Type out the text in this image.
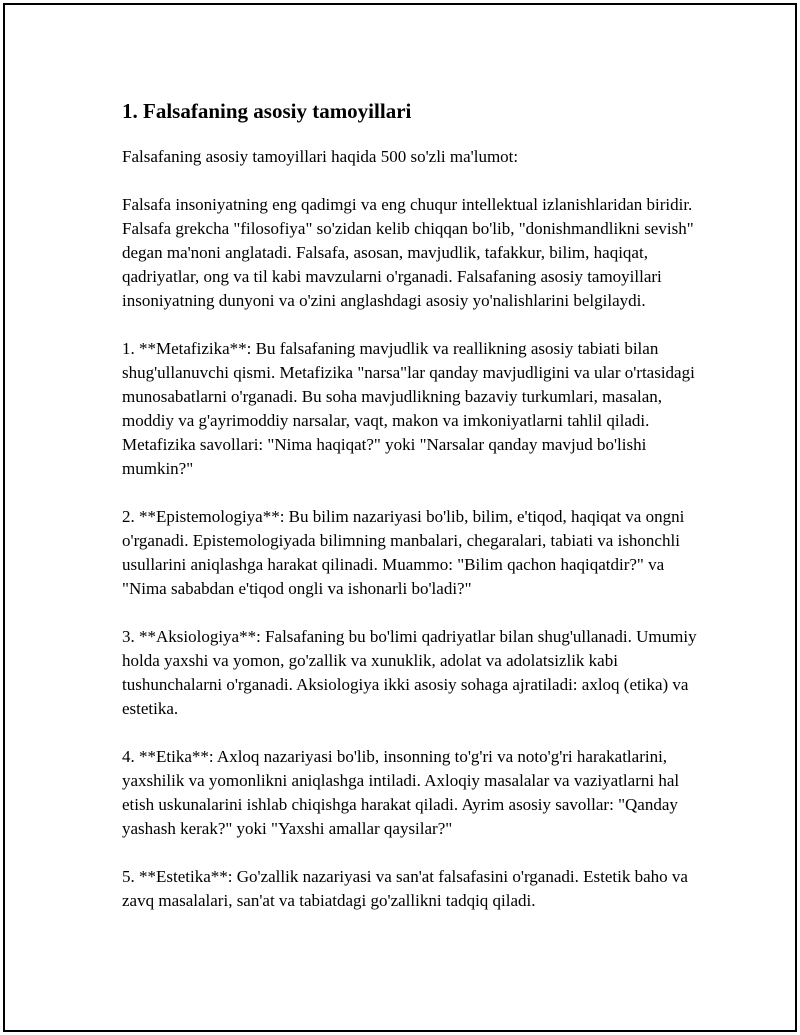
1. Falsafaning asosiy tamoyillari

Falsafaning asosiy tamoyillari haqida 500 so'zli ma'lumot:

Falsafa insoniyatning eng qadimgi va eng chuqur intellektual izlanishlaridan biridir. Falsafa grekcha "filosofiya" so'zidan kelib chiqqan bo'lib, "donishmandlikni sevish" degan ma'noni anglatadi. Falsafa, asosan, mavjudlik, tafakkur, bilim, haqiqat, qadriyatlar, ong va til kabi mavzularni o'rganadi. Falsafaning asosiy tamoyillari insoniyatning dunyoni va o'zini anglashdagi asosiy yo'nalishlarini belgilaydi.

1. **Metafizika**: Bu falsafaning mavjudlik va reallikning asosiy tabiati bilan shug'ullanuvchi qismi. Metafizika "narsa"lar qanday mavjudligini va ular o'rtasidagi munosabatlarni o'rganadi. Bu soha mavjudlikning bazaviy turkumlari, masalan, moddiy va g'ayrimoddiy narsalar, vaqt, makon va imkoniyatlarni tahlil qiladi. Metafizika savollari: "Nima haqiqat?" yoki "Narsalar qanday mavjud bo'lishi mumkin?"

2. **Epistemologiya**: Bu bilim nazariyasi bo'lib, bilim, e'tiqod, haqiqat va ongni o'rganadi. Epistemologiyada bilimning manbalari, chegaralari, tabiati va ishonchli usullarini aniqlashga harakat qilinadi. Muammo: "Bilim qachon haqiqatdir?" va "Nima sababdan e'tiqod ongli va ishonarli bo'ladi?"

3. **Aksiologiya**: Falsafaning bu bo'limi qadriyatlar bilan shug'ullanadi. Umumiy holda yaxshi va yomon, go'zallik va xunuklik, adolat va adolatsizlik kabi tushunchalarni o'rganadi. Aksiologiya ikki asosiy sohaga ajratiladi: axloq (etika) va estetika.

4. **Etika**: Axloq nazariyasi bo'lib, insonning to'g'ri va noto'g'ri harakatlarini, yaxshilik va yomonlikni aniqlashga intiladi. Axloqiy masalalar va vaziyatlarni hal etish uskunalarini ishlab chiqishga harakat qiladi. Ayrim asosiy savollar: "Qanday yashash kerak?" yoki "Yaxshi amallar qaysilar?"

5. **Estetika**: Go'zallik nazariyasi va san'at falsafasini o'rganadi. Estetik baho va zavq masalalari, san'at va tabiatdagi go'zallikni tadqiq qiladi.
